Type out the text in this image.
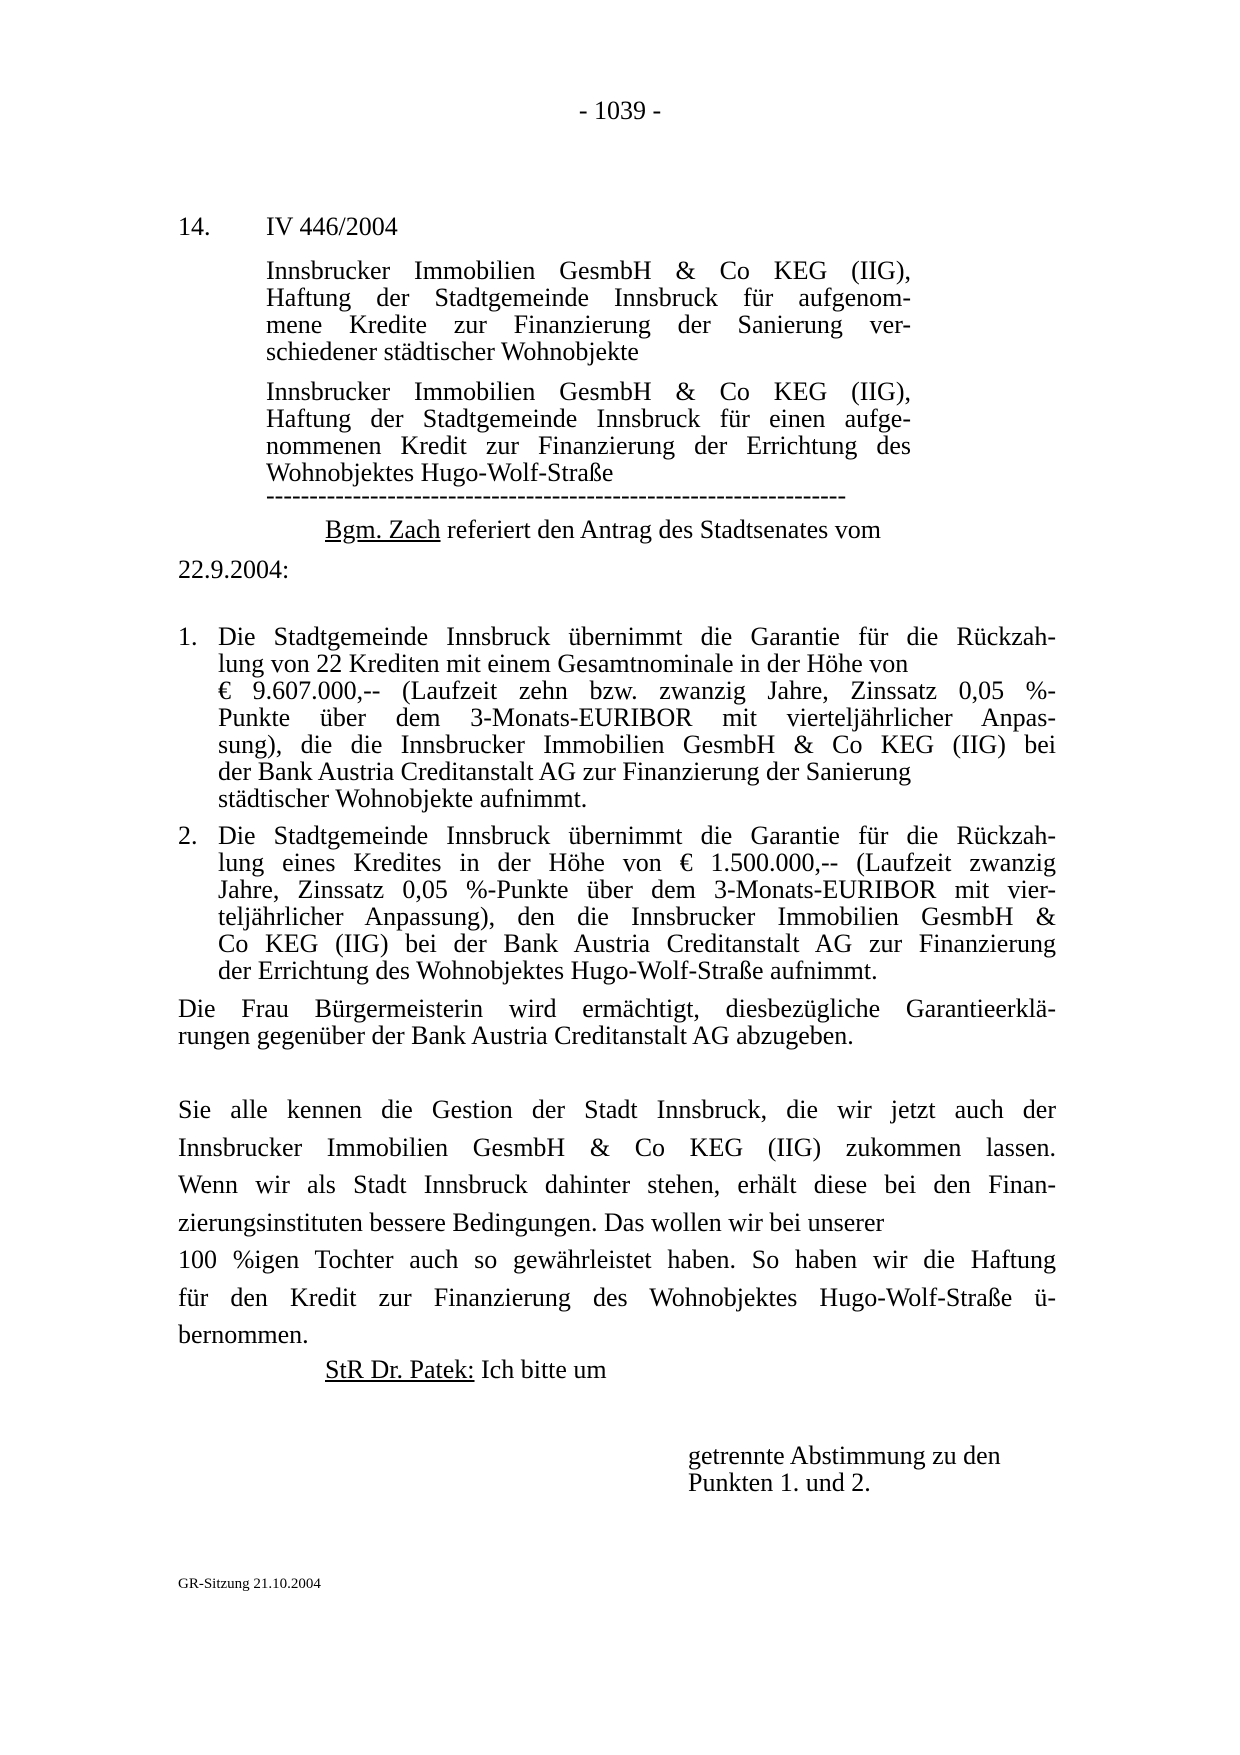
- 1039 -
14. IV 446/2004
Innsbrucker Immobilien GesmbH & Co KEG (IIG),
Haftung der Stadtgemeinde Innsbruck für aufgenom-
mene Kredite zur Finanzierung der Sanierung ver-
schiedener städtischer Wohnobjekte
Innsbrucker Immobilien GesmbH & Co KEG (IIG),
Haftung der Stadtgemeinde Innsbruck für einen aufge-
nommenen Kredit zur Finanzierung der Errichtung des
Wohnobjektes Hugo-Wolf-Straße
-------------------------------------------------------------------
Bgm. Zach referiert den Antrag des Stadtsenates vom
22.9.2004:
1. Die Stadtgemeinde Innsbruck übernimmt die Garantie für die Rückzah-
lung von 22 Krediten mit einem Gesamtnominale in der Höhe von
€ 9.607.000,-- (Laufzeit zehn bzw. zwanzig Jahre, Zinssatz 0,05 %-
Punkte über dem 3-Monats-EURIBOR mit vierteljährlicher Anpas-
sung), die die Innsbrucker Immobilien GesmbH & Co KEG (IIG) bei
der Bank Austria Creditanstalt AG zur Finanzierung der Sanierung
städtischer Wohnobjekte aufnimmt.
2. Die Stadtgemeinde Innsbruck übernimmt die Garantie für die Rückzah-
lung eines Kredites in der Höhe von € 1.500.000,-- (Laufzeit zwanzig
Jahre, Zinssatz 0,05 %-Punkte über dem 3-Monats-EURIBOR mit vier-
teljährlicher Anpassung), den die Innsbrucker Immobilien GesmbH &
Co KEG (IIG) bei der Bank Austria Creditanstalt AG zur Finanzierung
der Errichtung des Wohnobjektes Hugo-Wolf-Straße aufnimmt.
Die Frau Bürgermeisterin wird ermächtigt, diesbezügliche Garantieerklä-
rungen gegenüber der Bank Austria Creditanstalt AG abzugeben.
Sie alle kennen die Gestion der Stadt Innsbruck, die wir jetzt auch der
Innsbrucker Immobilien GesmbH & Co KEG (IIG) zukommen lassen.
Wenn wir als Stadt Innsbruck dahinter stehen, erhält diese bei den Finan-
zierungsinstituten bessere Bedingungen. Das wollen wir bei unserer
100 %igen Tochter auch so gewährleistet haben. So haben wir die Haftung
für den Kredit zur Finanzierung des Wohnobjektes Hugo-Wolf-Straße ü-
bernommen.
StR Dr. Patek: Ich bitte um
getrennte Abstimmung zu den
Punkten 1. und 2.
GR-Sitzung 21.10.2004
